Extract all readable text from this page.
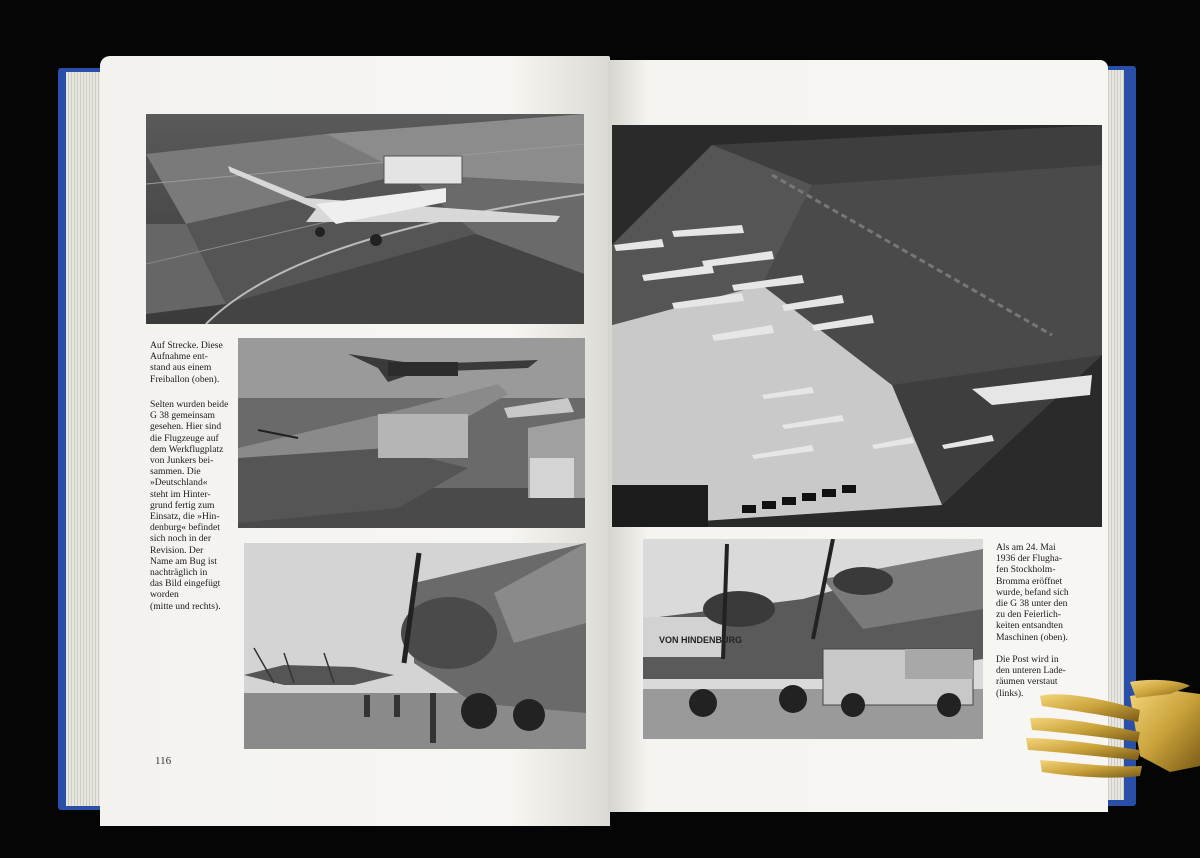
VON HINDENBURG
Auf Strecke. Diese
Aufnahme ent-
stand aus einem
Freiballon (oben).
Selten wurden beide
G 38 gemeinsam
gesehen. Hier sind
die Flugzeuge auf
dem Werkflugplatz
von Junkers bei-
sammen. Die
»Deutschland«
steht im Hinter-
grund fertig zum
Einsatz, die »Hin-
denburg« befindet
sich noch in der
Revision. Der
Name am Bug ist
nachträglich in
das Bild eingefügt
worden
(mitte und rechts).
Als am 24. Mai
1936 der Flugha-
fen Stockholm-
Bromma eröffnet
wurde, befand sich
die G 38 unter den
zu den Feierlich-
keiten entsandten
Maschinen (oben).
Die Post wird in
den unteren Lade-
räumen verstaut
(links).
116
